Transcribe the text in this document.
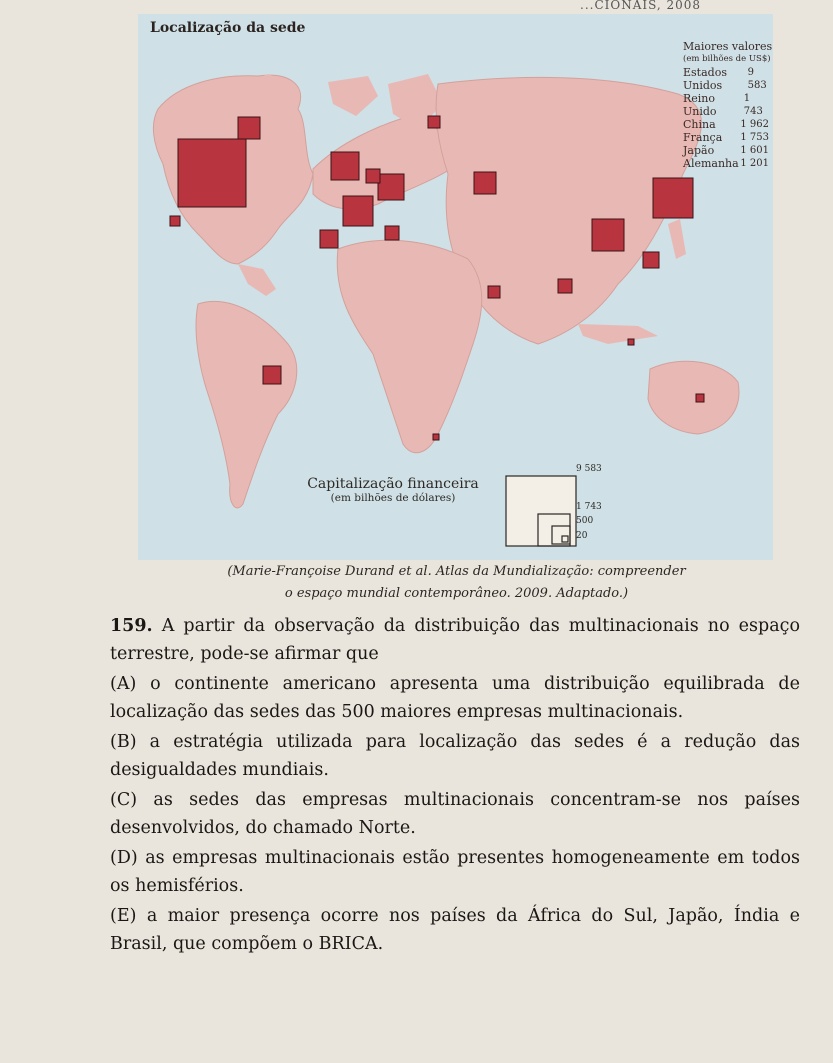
...CIONAIS, 2008
Localização da sede
Maiores valores
(em bilhões de US$)
Estados Unidos
9 583
Reino Unido
1 743
China 1 962
França 1 753
Japão	1 601
Alemanha 1 201
Capitalização financeira
(em bilhões de dólares)
9 583
1 743
500
20
(Marie-Françoise Durand et al. Atlas da Mundialização: compreender
o espaço mundial contemporâneo. 2009. Adaptado.)

159. A partir da observação da distribuição das multinacionais no espaço terrestre, pode-se afirmar que

(A) o continente americano apresenta uma distribuição equilibrada de localização das sedes das 500 maiores empresas multinacionais.

(B) a estratégia utilizada para localização das sedes é a redução das desigualdades mundiais.

(C) as sedes das empresas multinacionais concentram-se nos países desenvolvidos, do chamado Norte.

(D) as empresas multinacionais estão presentes homogeneamente em todos os hemisférios.

(E) a maior presença ocorre nos países da África do Sul, Japão, Índia e Brasil, que compõem o BRICA.
